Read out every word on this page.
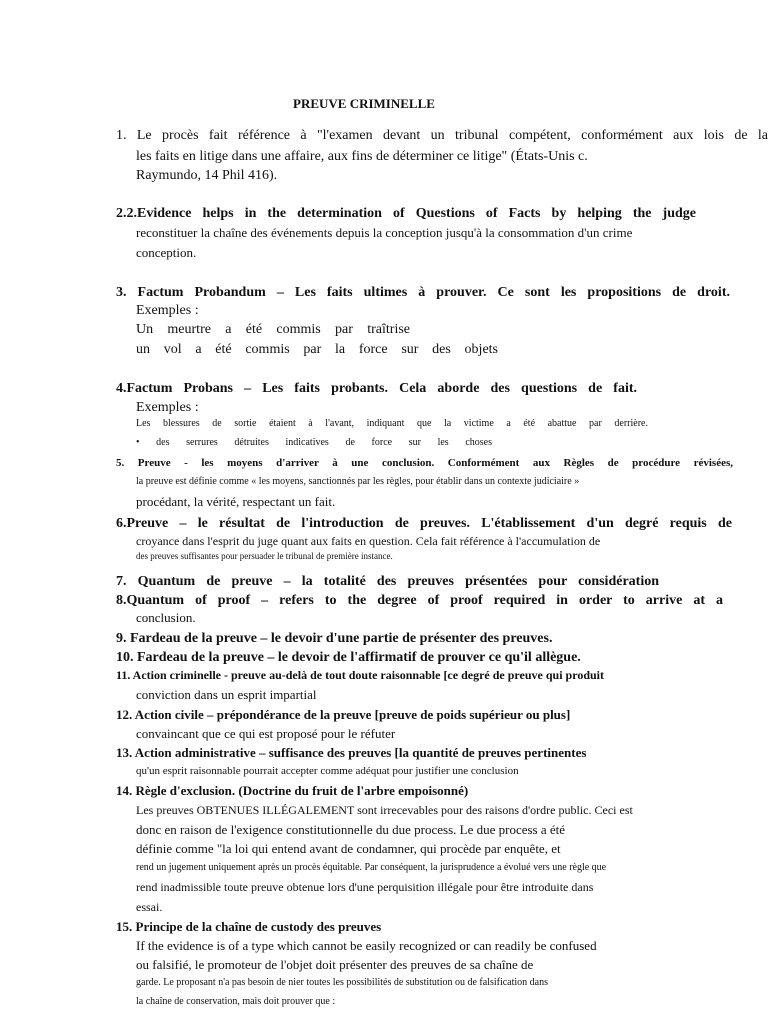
PREUVE CRIMINELLE
1. Le procès fait référence à "l'examen devant un tribunal compétent, conformément aux lois de la
les faits en litige dans une affaire, aux fins de déterminer ce litige" (États-Unis c.
Raymundo, 14 Phil 416).
2.2.Evidence helps in the determination of Questions of Facts by helping the judge
reconstituer la chaîne des événements depuis la conception jusqu'à la consommation d'un crime
conception.
3. Factum Probandum – Les faits ultimes à prouver. Ce sont les propositions de droit.
Exemples :
Un meurtre a été commis par traîtrise
un vol a été commis par la force sur des objets
4.Factum Probans – Les faits probants. Cela aborde des questions de fait.
Exemples :
Les blessures de sortie étaient à l'avant, indiquant que la victime a été abattue par derrière.
• des serrures détruites indicatives de force sur les choses
5. Preuve - les moyens d'arriver à une conclusion. Conformément aux Règles de procédure révisées,
la preuve est définie comme « les moyens, sanctionnés par les règles, pour établir dans un contexte judiciaire »
procédant, la vérité, respectant un fait.
6.Preuve – le résultat de l'introduction de preuves. L'établissement d'un degré requis de
croyance dans l'esprit du juge quant aux faits en question. Cela fait référence à l'accumulation de
des preuves suffisantes pour persuader le tribunal de première instance.
7. Quantum de preuve – la totalité des preuves présentées pour considération
8.Quantum of proof – refers to the degree of proof required in order to arrive at a
conclusion.
9. Fardeau de la preuve – le devoir d'une partie de présenter des preuves.
10. Fardeau de la preuve – le devoir de l'affirmatif de prouver ce qu'il allègue.
11. Action criminelle - preuve au-delà de tout doute raisonnable [ce degré de preuve qui produit
conviction dans un esprit impartial
12. Action civile – prépondérance de la preuve [preuve de poids supérieur ou plus]
convaincant que ce qui est proposé pour le réfuter
13. Action administrative – suffisance des preuves [la quantité de preuves pertinentes
qu'un esprit raisonnable pourrait accepter comme adéquat pour justifier une conclusion
14. Règle d'exclusion. (Doctrine du fruit de l'arbre empoisonné)
Les preuves OBTENUES ILLÉGALEMENT sont irrecevables pour des raisons d'ordre public. Ceci est
donc en raison de l'exigence constitutionnelle du due process. Le due process a été
définie comme "la loi qui entend avant de condamner, qui procède par enquête, et
rend un jugement uniquement après un procès équitable. Par conséquent, la jurisprudence a évolué vers une règle que
rend inadmissible toute preuve obtenue lors d'une perquisition illégale pour être introduite dans
essai.
15. Principe de la chaîne de custody des preuves
If the evidence is of a type which cannot be easily recognized or can readily be confused
ou falsifié, le promoteur de l'objet doit présenter des preuves de sa chaîne de
garde. Le proposant n'a pas besoin de nier toutes les possibilités de substitution ou de falsification dans
la chaîne de conservation, mais doit prouver que :
